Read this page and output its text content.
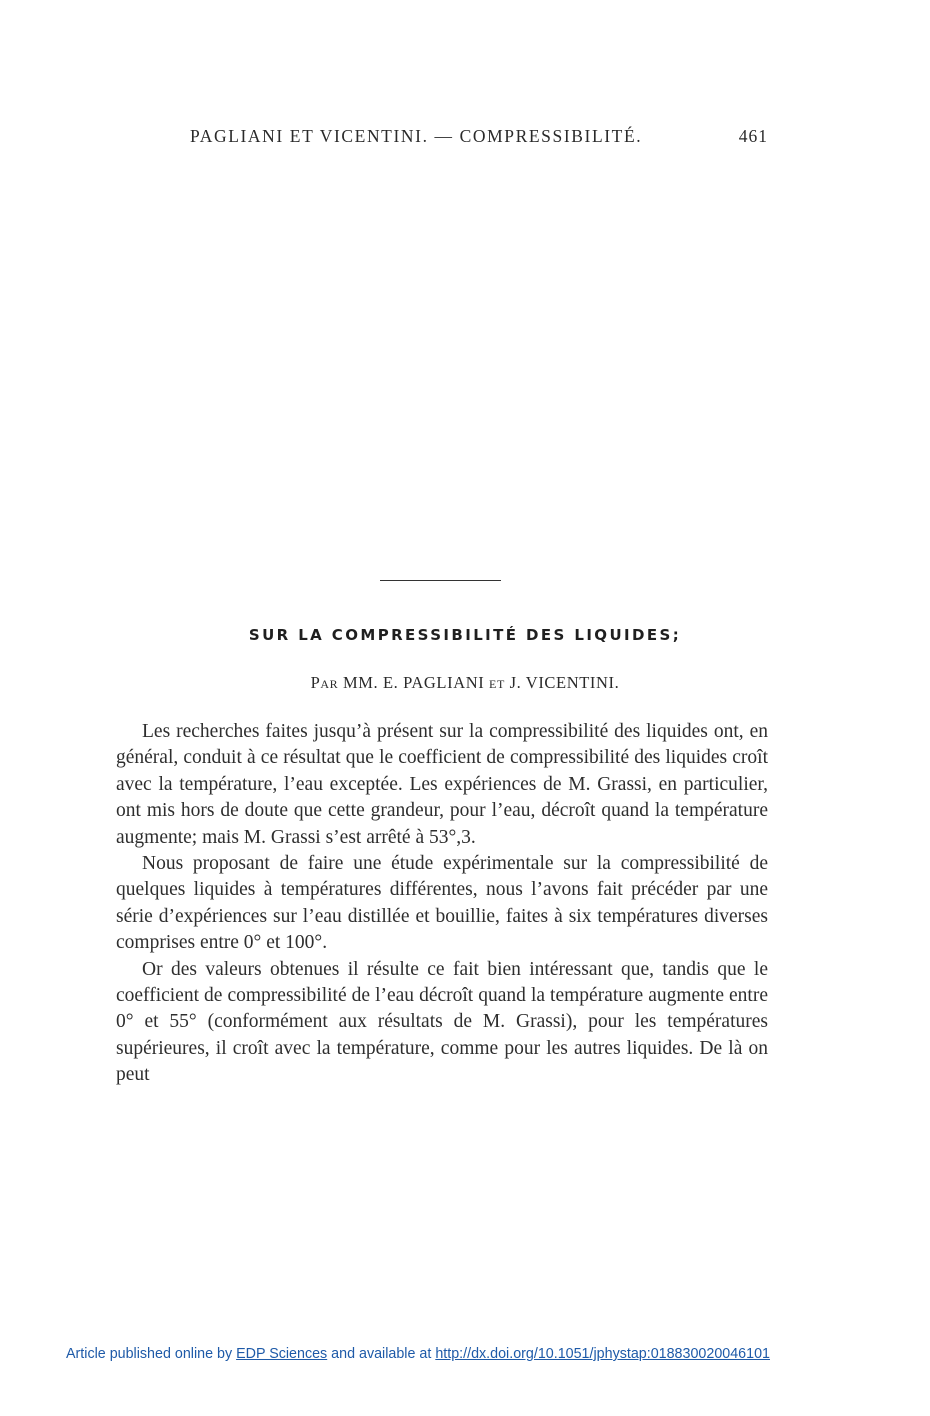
PAGLIANI ET VICENTINI. — COMPRESSIBILITÉ.	461
SUR LA COMPRESSIBILITÉ DES LIQUIDES;
Par MM. E. PAGLIANI et J. VICENTINI.

Les recherches faites jusqu’à présent sur la compressibilité des liquides ont, en général, conduit à ce résultat que le coefficient de compressibilité des liquides croît avec la température, l’eau exceptée. Les expériences de M. Grassi, en particulier, ont mis hors de doute que cette grandeur, pour l’eau, décroît quand la température augmente; mais M. Grassi s’est arrêté à 53°,3.

Nous proposant de faire une étude expérimentale sur la compressibilité de quelques liquides à températures différentes, nous l’avons fait précéder par une série d’expériences sur l’eau distillée et bouillie, faites à six températures diverses comprises entre 0° et 100°.

Or des valeurs obtenues il résulte ce fait bien intéressant que, tandis que le coefficient de compressibilité de l’eau décroît quand la température augmente entre 0° et 55° (conformément aux résultats de M. Grassi), pour les températures supérieures, il croît avec la température, comme pour les autres liquides. De là on peut

Article published online by EDP Sciences and available at http://dx.doi.org/10.1051/jphystap:018830020046101
